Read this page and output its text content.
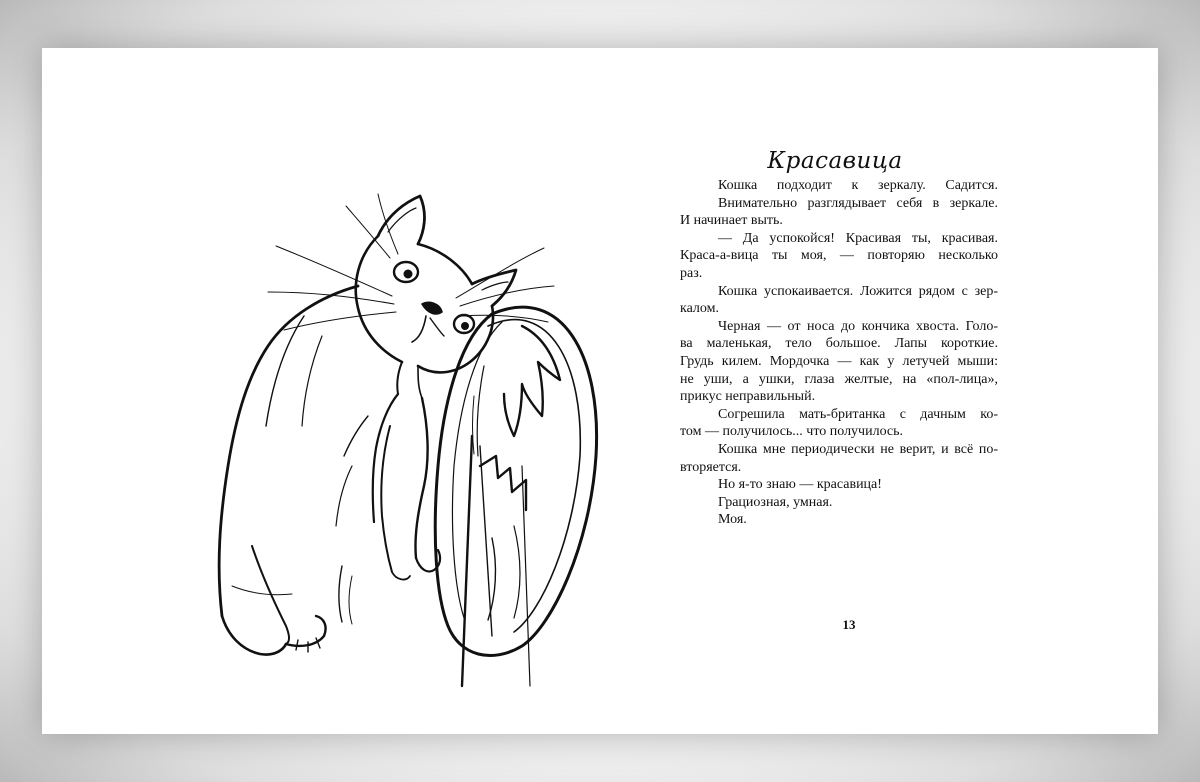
Красавица
Кошка подходит к зеркалу. Садится.
Внимательно разглядывает себя в зеркале.
И начинает выть.
— Да успокойся! Красивая ты, красивая.
Краса-а-вица ты моя, — повторяю несколько
раз.
Кошка успокаивается. Ложится рядом с зер-
калом.
Черная — от носа до кончика хвоста. Голо-
ва маленькая, тело большое. Лапы короткие.
Грудь килем. Мордочка — как у летучей мыши:
не уши, а ушки, глаза желтые, на «пол-лица»,
прикус неправильный.
Согрешила мать-британка с дачным ко-
том — получилось... что получилось.
Кошка мне периодически не верит, и всё по-
вторяется.
Но я-то знаю — красавица!
Грациозная, умная.
Моя.
13
